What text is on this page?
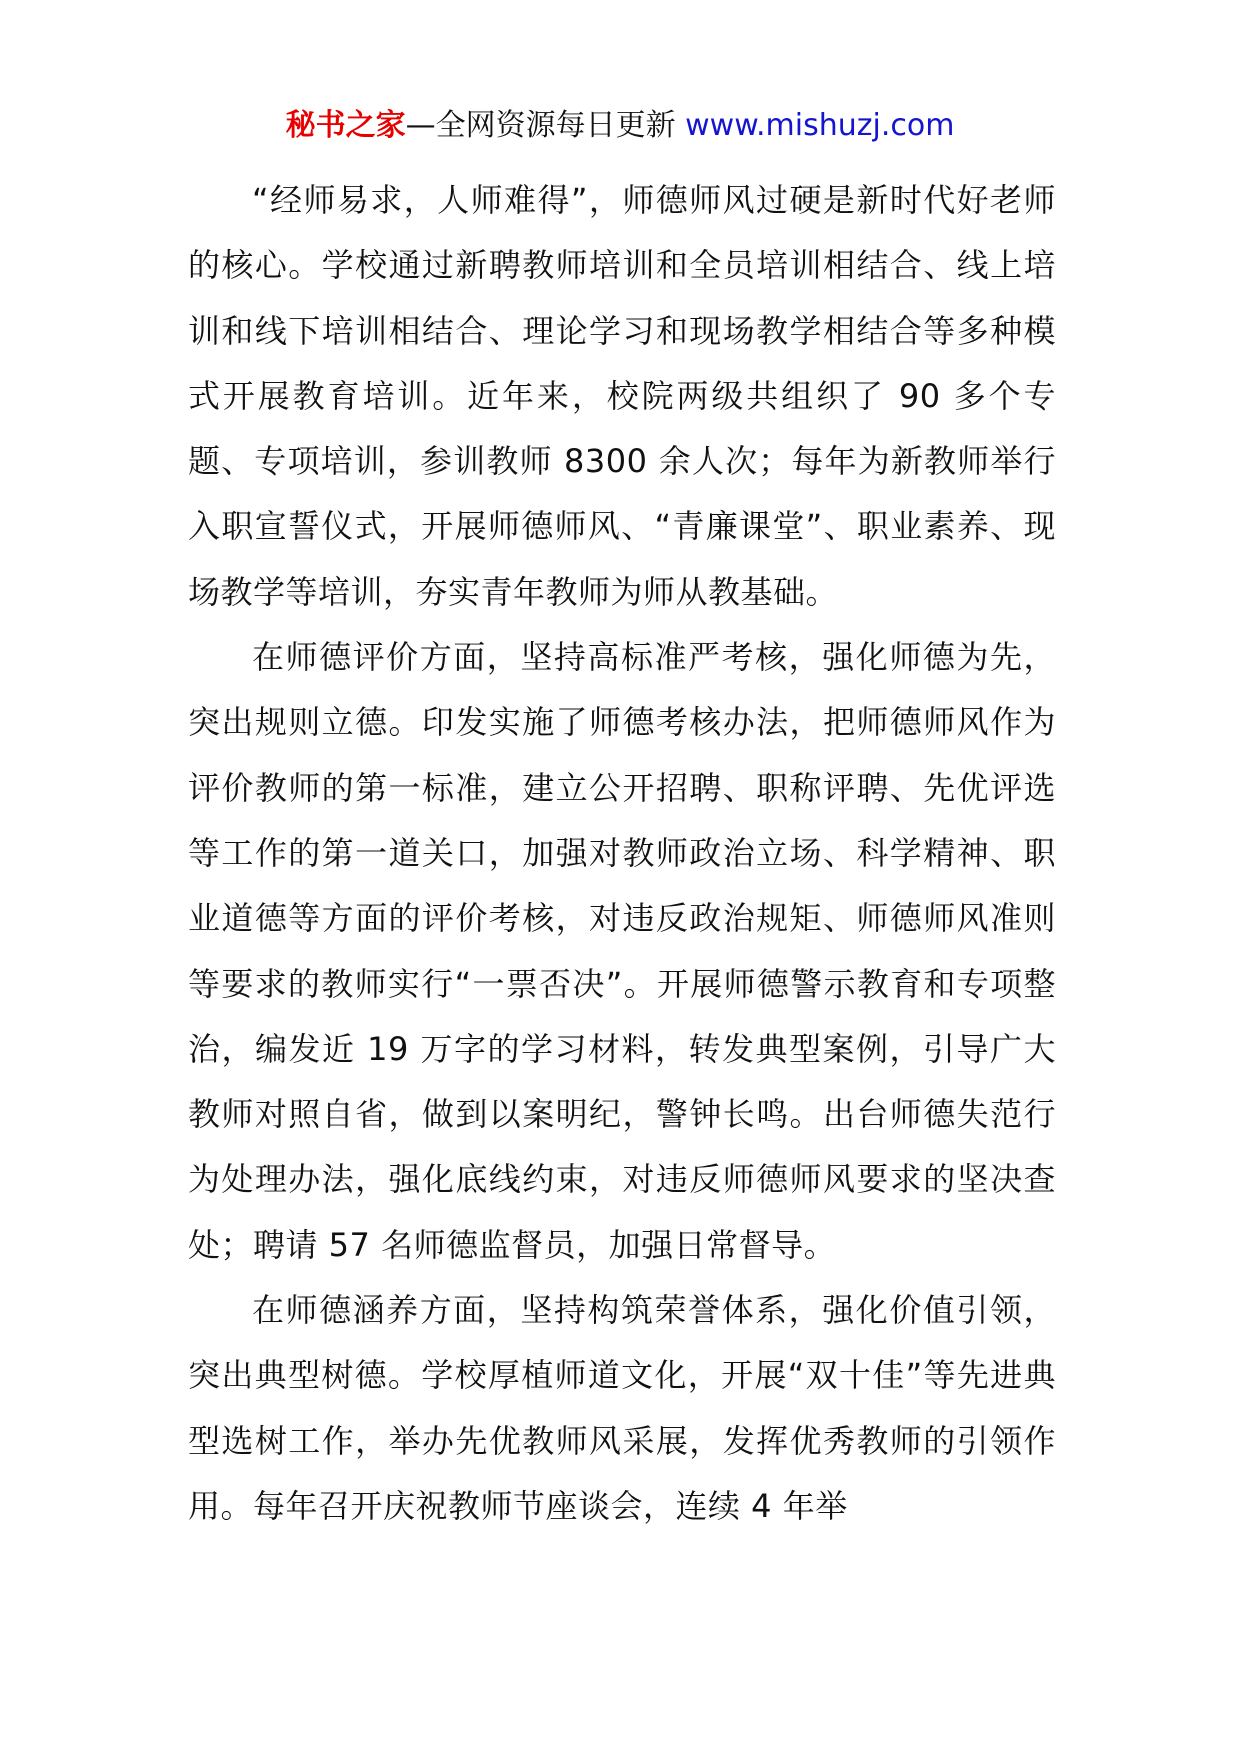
秘书之家—全网资源每日更新 www.mishuzj.com

“经师易求，人师难得”，师德师风过硬是新时代好老师的核心。学校通过新聘教师培训和全员培训相结合、线上培训和线下培训相结合、理论学习和现场教学相结合等多种模式开展教育培训。近年来，校院两级共组织了 90 多个专题、专项培训，参训教师 8300 余人次；每年为新教师举行入职宣誓仪式，开展师德师风、“青廉课堂”、职业素养、现场教学等培训，夯实青年教师为师从教基础。

在师德评价方面，坚持高标准严考核，强化师德为先，突出规则立德。印发实施了师德考核办法，把师德师风作为评价教师的第一标准，建立公开招聘、职称评聘、先优评选等工作的第一道关口，加强对教师政治立场、科学精神、职业道德等方面的评价考核，对违反政治规矩、师德师风准则等要求的教师实行“一票否决”。开展师德警示教育和专项整治，编发近 19 万字的学习材料，转发典型案例，引导广大教师对照自省，做到以案明纪，警钟长鸣。出台师德失范行为处理办法，强化底线约束，对违反师德师风要求的坚决查处；聘请 57 名师德监督员，加强日常督导。

在师德涵养方面，坚持构筑荣誉体系，强化价值引领，突出典型树德。学校厚植师道文化，开展“双十佳”等先进典型选树工作，举办先优教师风采展，发挥优秀教师的引领作用。每年召开庆祝教师节座谈会，连续 4 年举
